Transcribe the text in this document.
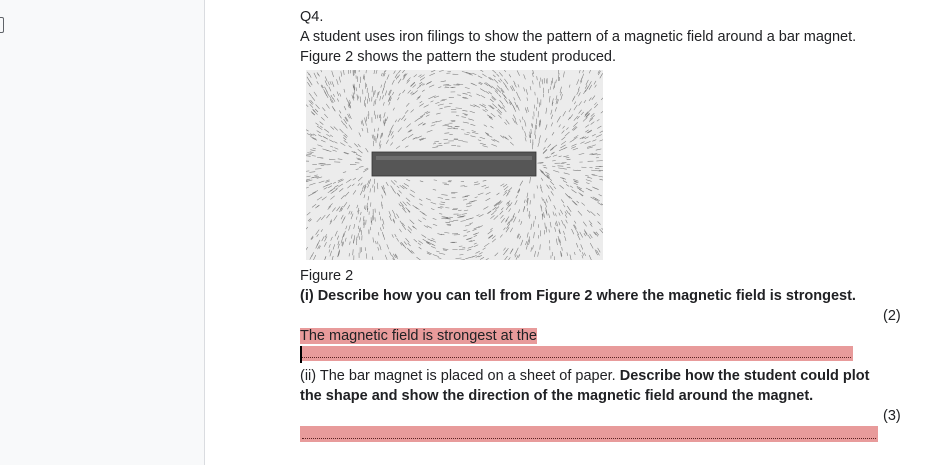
Q4.
A student uses iron filings to show the pattern of a magnetic field around a bar magnet.
Figure 2 shows the pattern the student produced.
Figure 2
(i) Describe how you can tell from Figure 2 where the magnetic field is strongest.
(2)
The magnetic field is strongest at the
(ii) The bar magnet is placed on a sheet of paper. Describe how the student could plot
the shape and show the direction of the magnetic field around the magnet.
(3)
